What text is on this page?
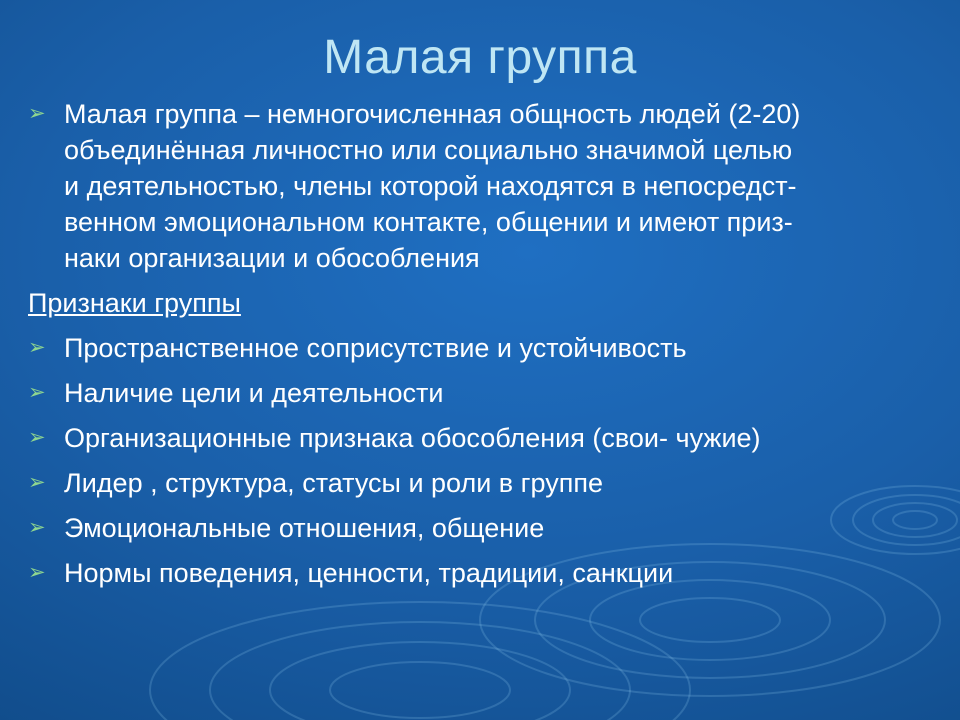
Малая группа
➢ Малая группа – немногочисленная общность людей (2-20)
объединённая личностно или социально значимой целью
и деятельностью, члены которой находятся в непосредст-
венном эмоциональном контакте, общении и имеют приз-
наки организации и обособления
Признаки группы
➢ Пространственное соприсутствие и устойчивость
➢ Наличие цели и деятельности
➢ Организационные признака обособления (свои- чужие)
➢ Лидер , структура, статусы и роли в группе
➢ Эмоциональные отношения, общение
➢ Нормы поведения, ценности, традиции, санкции
